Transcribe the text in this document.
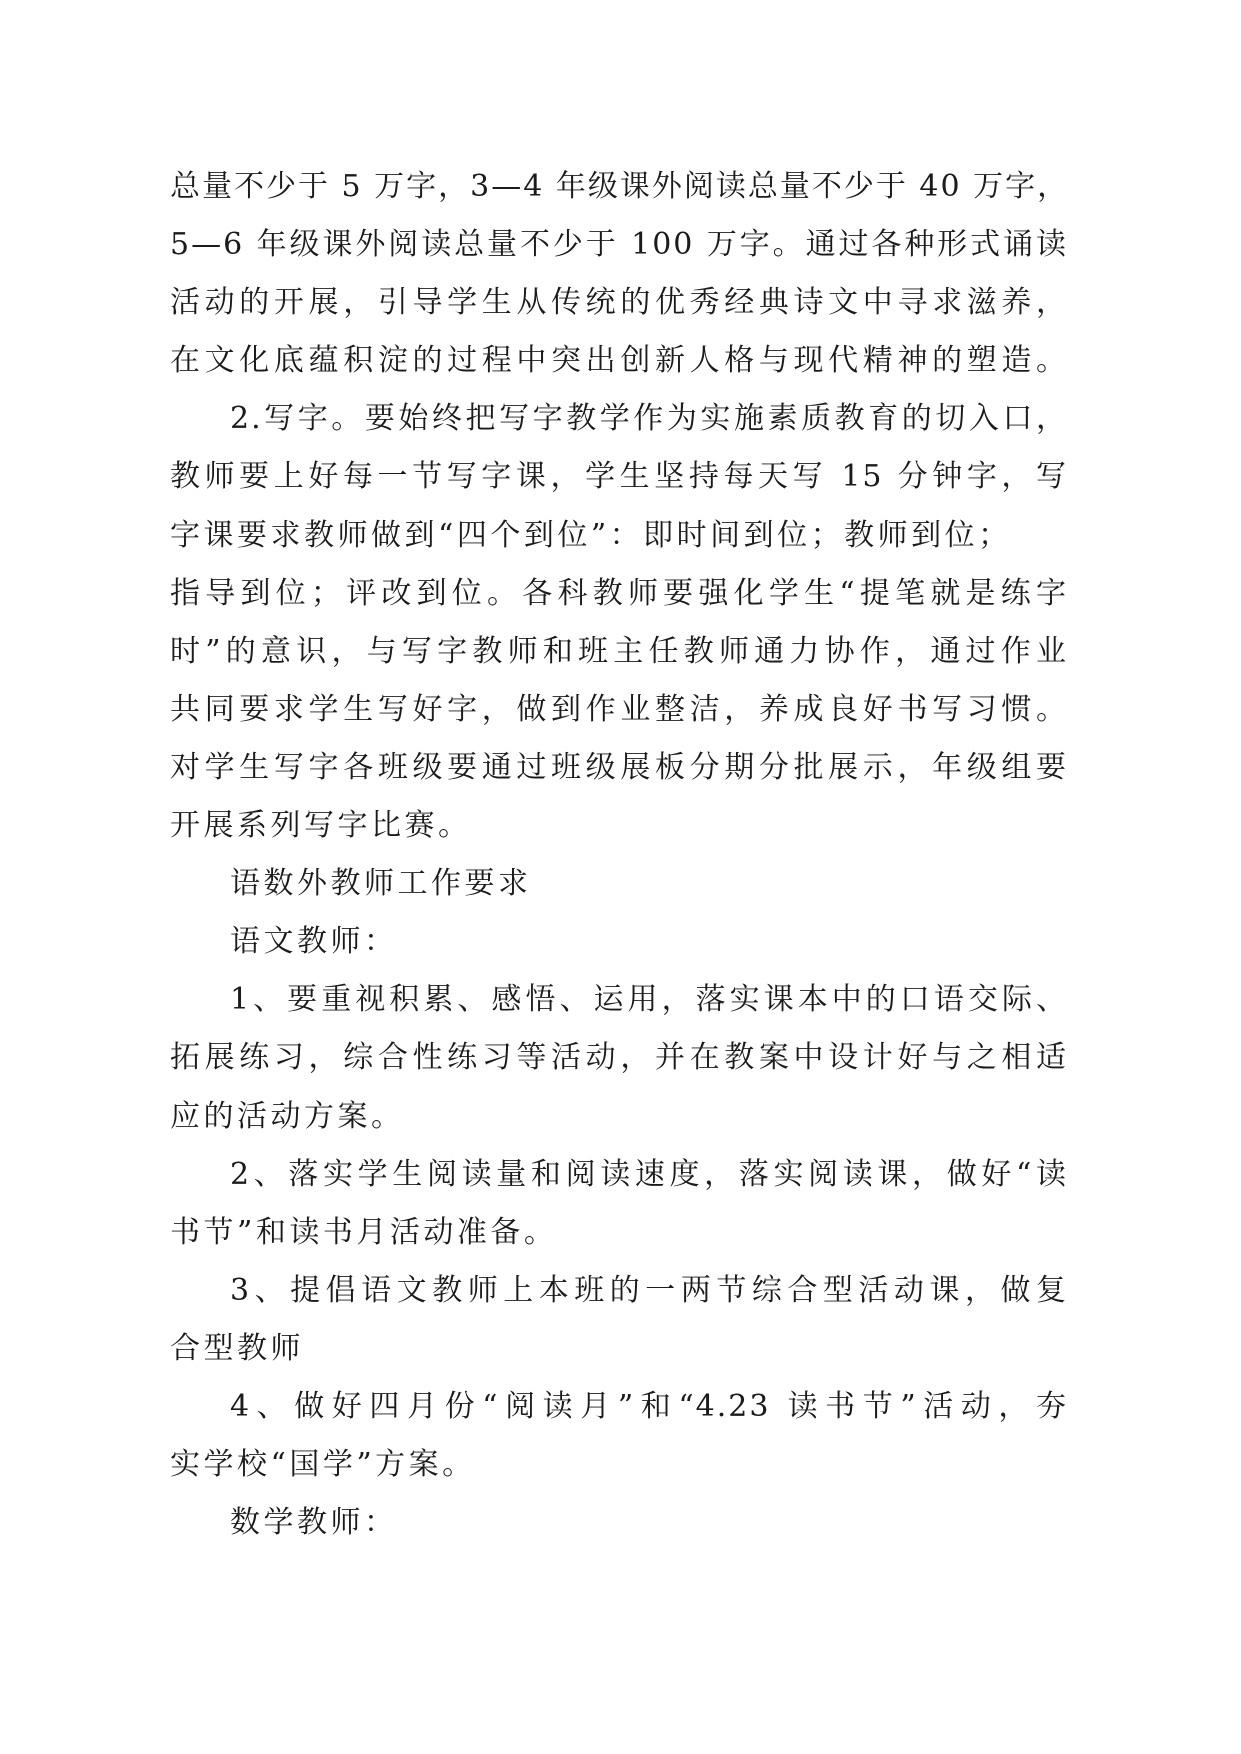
总量不少于 5 万字，3—4 年级课外阅读总量不少于 40 万字，
5—6 年级课外阅读总量不少于 100 万字。通过各种形式诵读
活动的开展，引导学生从传统的优秀经典诗文中寻求滋养，
在文化底蕴积淀的过程中突出创新人格与现代精神的塑造。
2.写字。要始终把写字教学作为实施素质教育的切入口，
教师要上好每一节写字课，学生坚持每天写 15 分钟字，写
字课要求教师做到“四个到位”：即时间到位；教师到位；
指导到位；评改到位。各科教师要强化学生“提笔就是练字
时”的意识，与写字教师和班主任教师通力协作，通过作业
共同要求学生写好字，做到作业整洁，养成良好书写习惯。
对学生写字各班级要通过班级展板分期分批展示，年级组要
开展系列写字比赛。
语数外教师工作要求
语文教师：
1、要重视积累、感悟、运用，落实课本中的口语交际、
拓展练习，综合性练习等活动，并在教案中设计好与之相适
应的活动方案。
2、落实学生阅读量和阅读速度，落实阅读课，做好“读
书节”和读书月活动准备。
3、提倡语文教师上本班的一两节综合型活动课，做复
合型教师
4、做好四月份“阅读月”和“4.23 读书节”活动，夯
实学校“国学”方案。
数学教师：
